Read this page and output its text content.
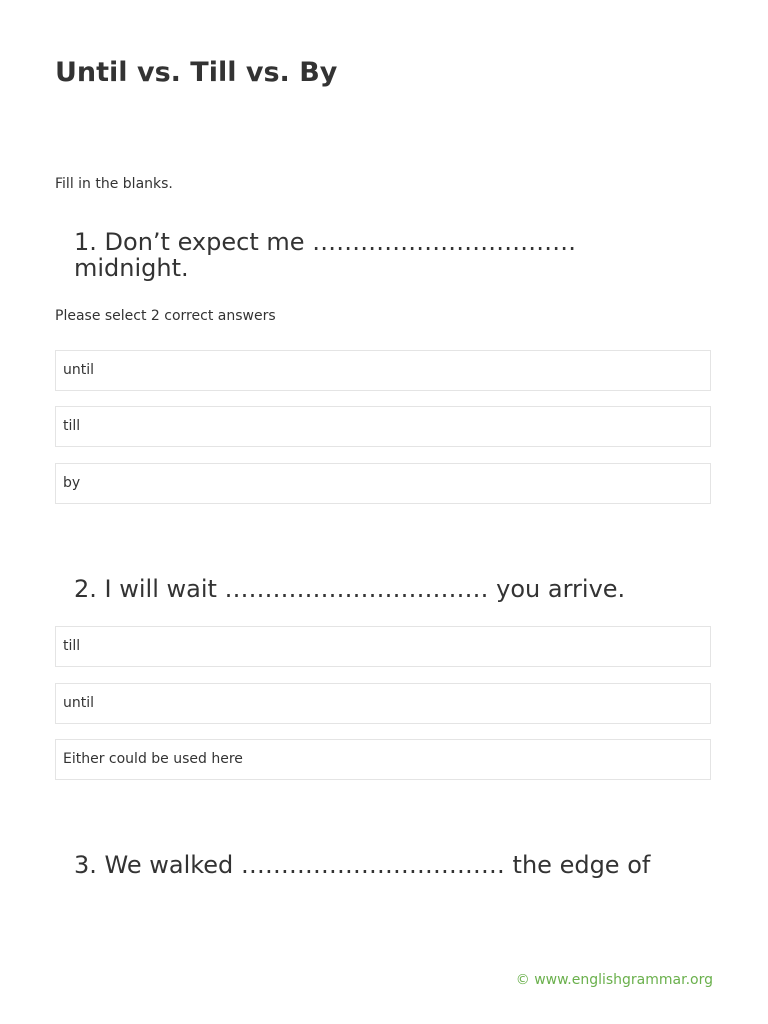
Until vs. Till vs. By
Fill in the blanks.
1. Don’t expect me …………………………… midnight.
Please select 2 correct answers
until
till
by
2. I will wait …………………………… you arrive.
till
until
Either could be used here
3. We walked …………………………… the edge of
© www.englishgrammar.org
